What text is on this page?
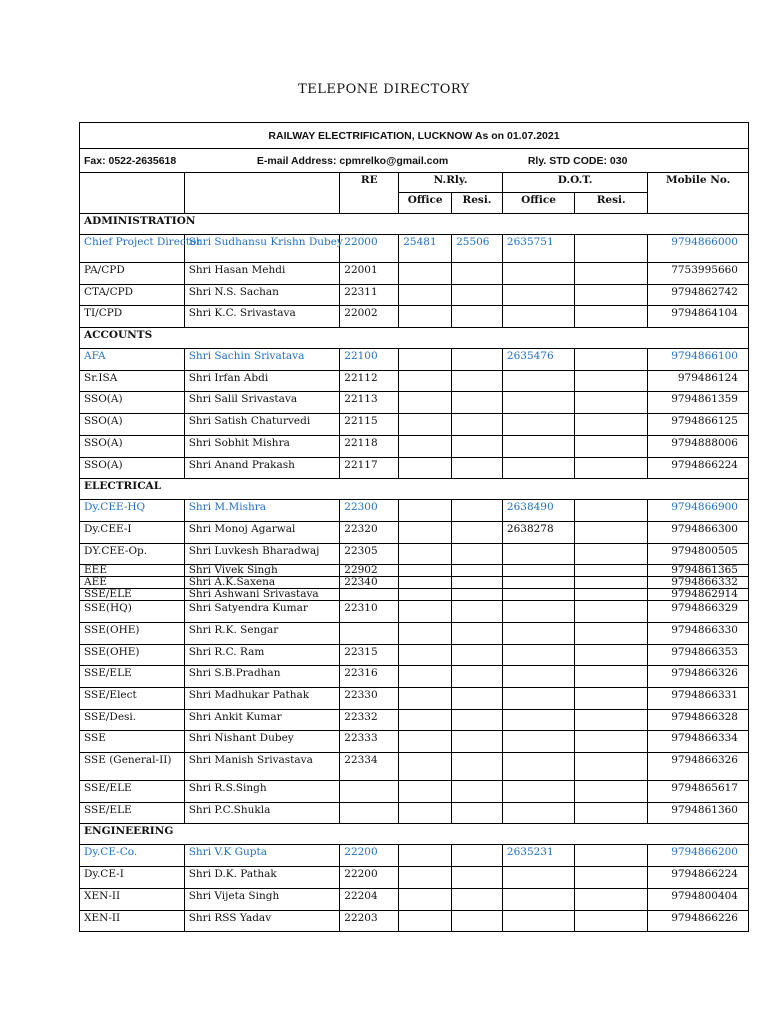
TELEPONE DIRECTORY
RAILWAY ELECTRIFICATION, LUCKNOW As on 01.07.2021							
Fax: 0522-2635618 E-mail Address: cpmrelko@gmail.com Rly. STD CODE: 030							
		RE	N.Rly.		D.O.T.		Mobile No.
			Office	Resi.	Office	Resi.	
ADMINISTRATION							
Chief Project Director	Shri Sudhansu Krishn Dubey	22000	25481	25506	2635751		9794866000
PA/CPD	Shri Hasan Mehdi	22001					7753995660
CTA/CPD	Shri N.S. Sachan	22311					9794862742
TI/CPD	Shri K.C. Srivastava	22002					9794864104
ACCOUNTS							
AFA	Shri Sachin Srivatava	22100			2635476		9794866100
Sr.ISA	Shri Irfan Abdi	22112					979486124
SSO(A)	Shri Salil Srivastava	22113					9794861359
SSO(A)	Shri Satish Chaturvedi	22115					9794866125
SSO(A)	Shri Sobhit Mishra	22118					9794888006
SSO(A)	Shri Anand Prakash	22117					9794866224
ELECTRICAL							
Dy.CEE-HQ	Shri M.Mishra	22300			2638490		9794866900
Dy.CEE-I	Shri Monoj Agarwal	22320			2638278		9794866300
DY.CEE-Op.	Shri Luvkesh Bharadwaj	22305					9794800505
EEE	Shri Vivek Singh	22902					9794861365
AEE	Shri A.K.Saxena	22340					9794866332
SSE/ELE	Shri Ashwani Srivastava						9794862914
SSE(HQ)	Shri Satyendra Kumar	22310					9794866329
SSE(OHE)	Shri R.K. Sengar						9794866330
SSE(OHE)	Shri R.C. Ram	22315					9794866353
SSE/ELE	Shri S.B.Pradhan	22316					9794866326
SSE/Elect	Shri Madhukar Pathak	22330					9794866331
SSE/Desi.	Shri Ankit Kumar	22332					9794866328
SSE	Shri Nishant Dubey	22333					9794866334
SSE (General-II)	Shri Manish Srivastava	22334					9794866326
SSE/ELE	Shri R.S.Singh						9794865617
SSE/ELE	Shri P.C.Shukla						9794861360
ENGINEERING							
Dy.CE-Co.	Shri V.K Gupta	22200			2635231		9794866200
Dy.CE-I	Shri D.K. Pathak	22200					9794866224
XEN-II	Shri Vijeta Singh	22204					9794800404
XEN-II	Shri RSS Yadav	22203					9794866226
